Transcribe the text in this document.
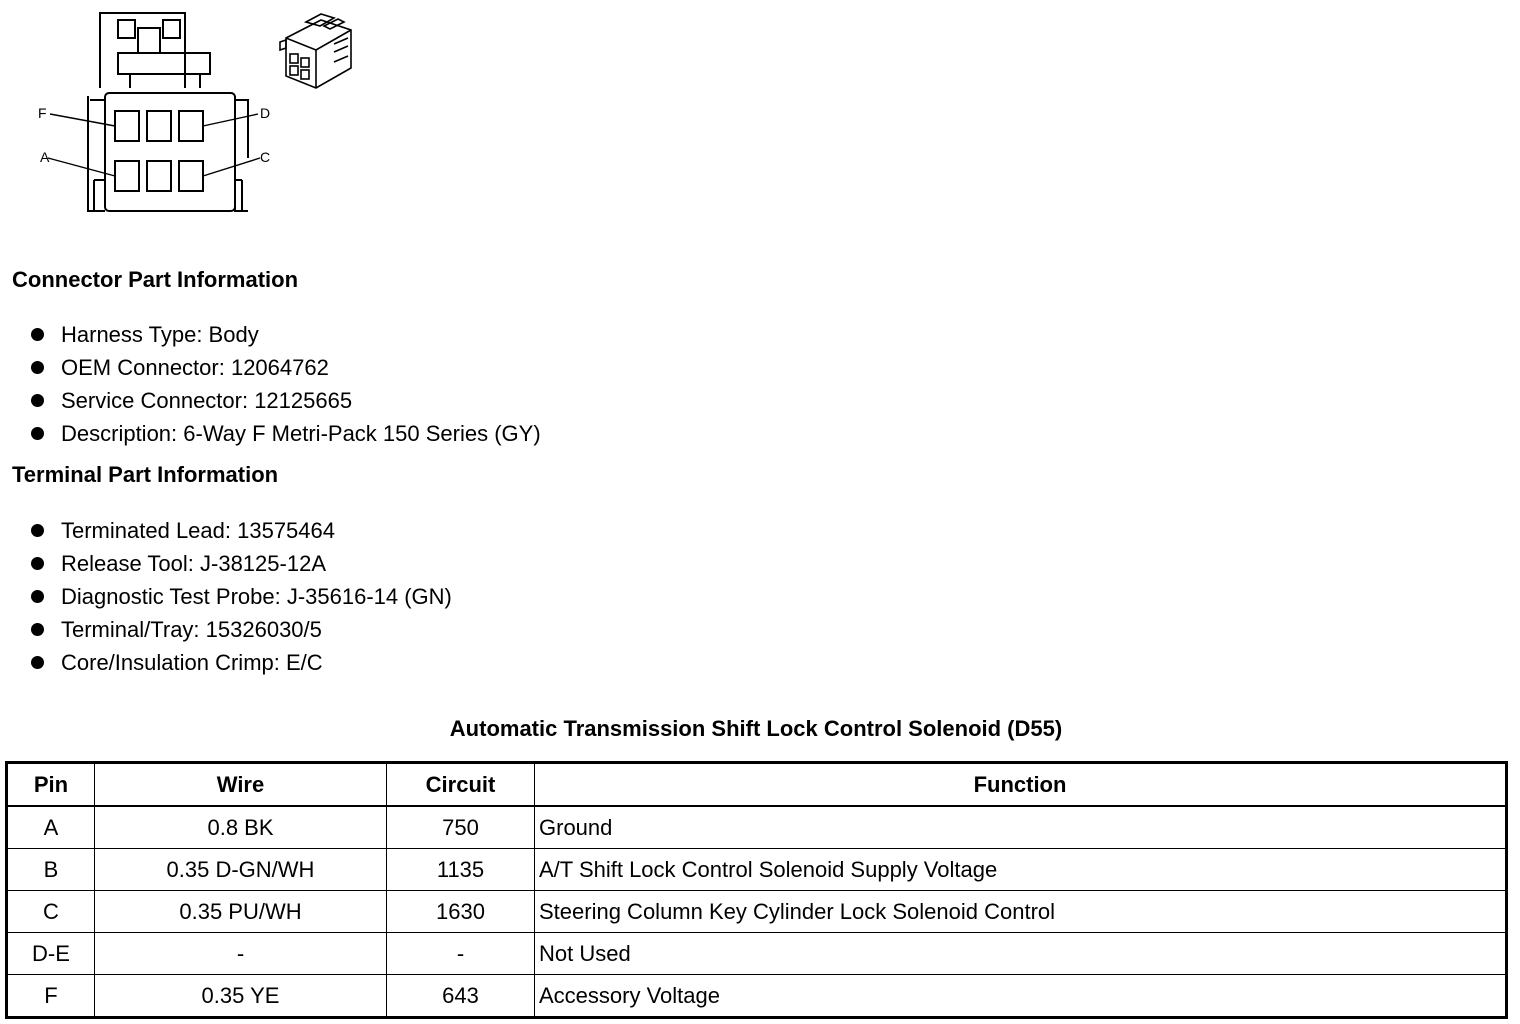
F	D
A	C
Connector Part Information
Harness Type: Body
OEM Connector: 12064762
Service Connector: 12125665
Description: 6-Way F Metri-Pack 150 Series (GY)
Terminal Part Information
Terminated Lead: 13575464
Release Tool: J-38125-12A
Diagnostic Test Probe: J-35616-14 (GN)
Terminal/Tray: 15326030/5
Core/Insulation Crimp: E/C
Automatic Transmission Shift Lock Control Solenoid (D55)
Pin	Wire	Circuit	Function
A	0.8 BK	750	Ground
B	0.35 D-GN/WH	1135	A/T Shift Lock Control Solenoid Supply Voltage
C	0.35 PU/WH	1630	Steering Column Key Cylinder Lock Solenoid Control
D-E	-	-	Not Used
F	0.35 YE	643	Accessory Voltage
